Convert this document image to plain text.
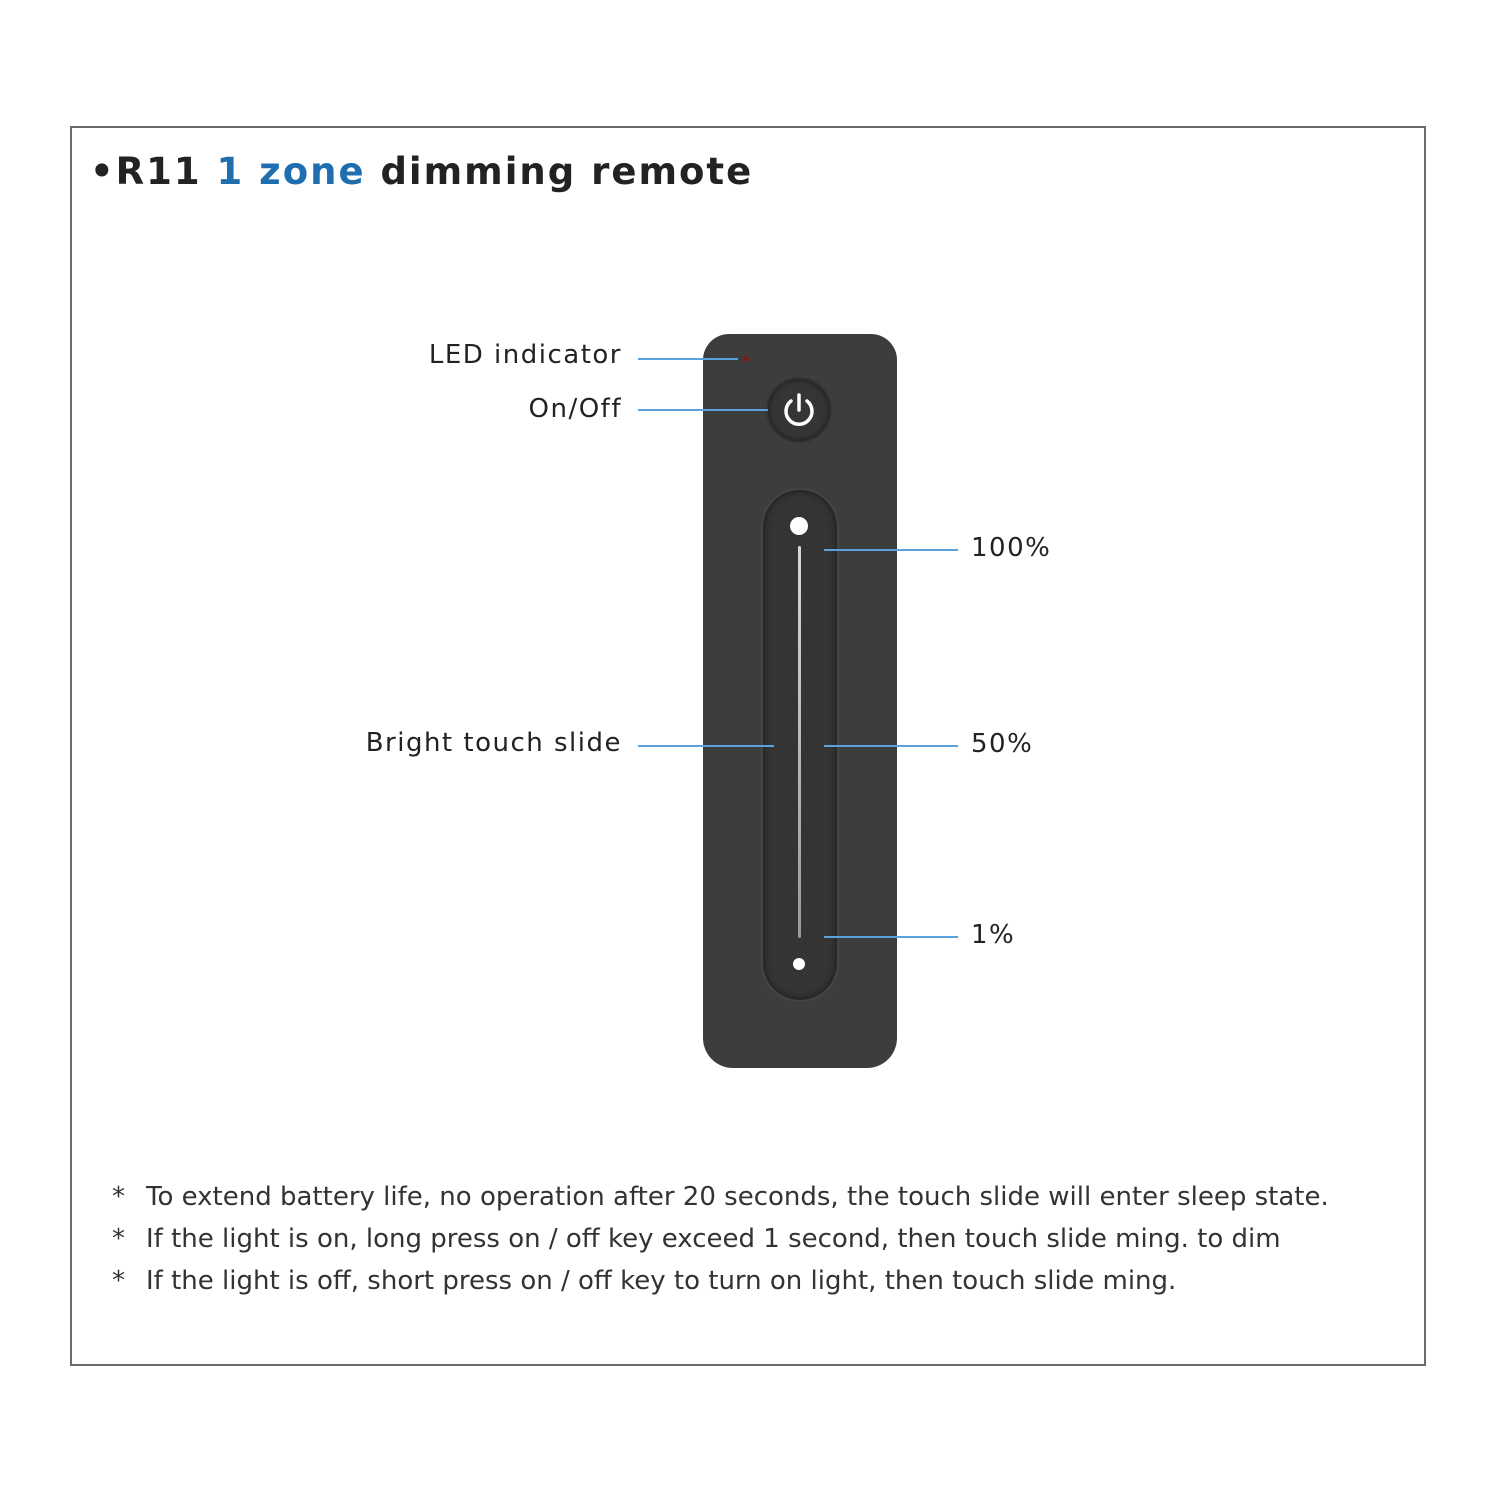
•R11 1 zone dimming remote
LED indicator
On/Off
Bright touch slide
100%
50%
1%
* To extend battery life, no operation after 20 seconds, the touch slide will enter sleep state.
* If the light is on, long press on / off key exceed 1 second, then touch slide ming. to dim
* If the light is off, short press on / off key to turn on light, then touch slide ming.
